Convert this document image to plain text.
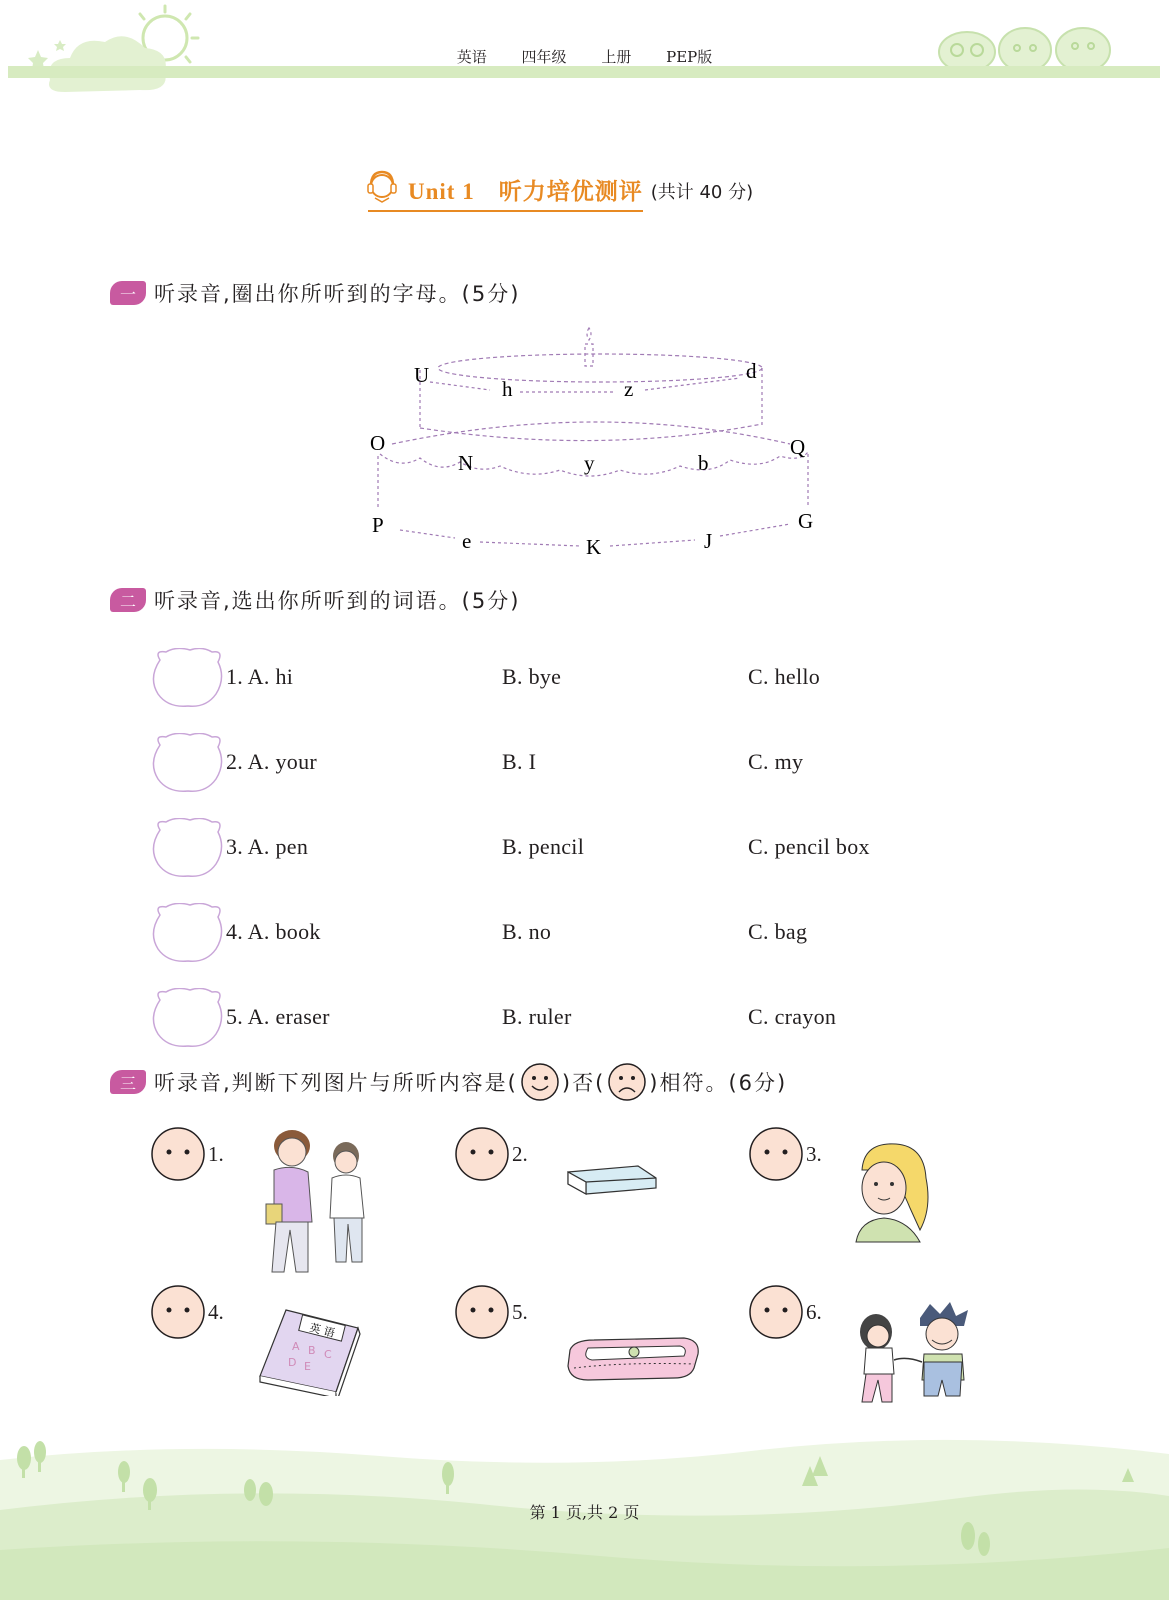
英语 四年级 上册 PEP版
Unit 1 听力培优测评 (共计 40 分)
一 听录音,圈出你所听到的字母。(5分)
U
h	z
d
O
N	y	b
Q
P
e	K	J
G
二 听录音,选出你所听到的词语。(5分)
1. A. hi	B. bye	C. hello
2. A. your	B. I	C. my
3. A. pen	B. pencil	C. pencil box
4. A. book	B. no	C. bag
5. A. eraser	B. ruler	C. crayon
三 听录音,判断下列图片与所听内容是( )否( )相符。(6分)
1.	2.	3.
4.	5.	6.
英 语
A B C
D E
第 1 页,共 2 页
